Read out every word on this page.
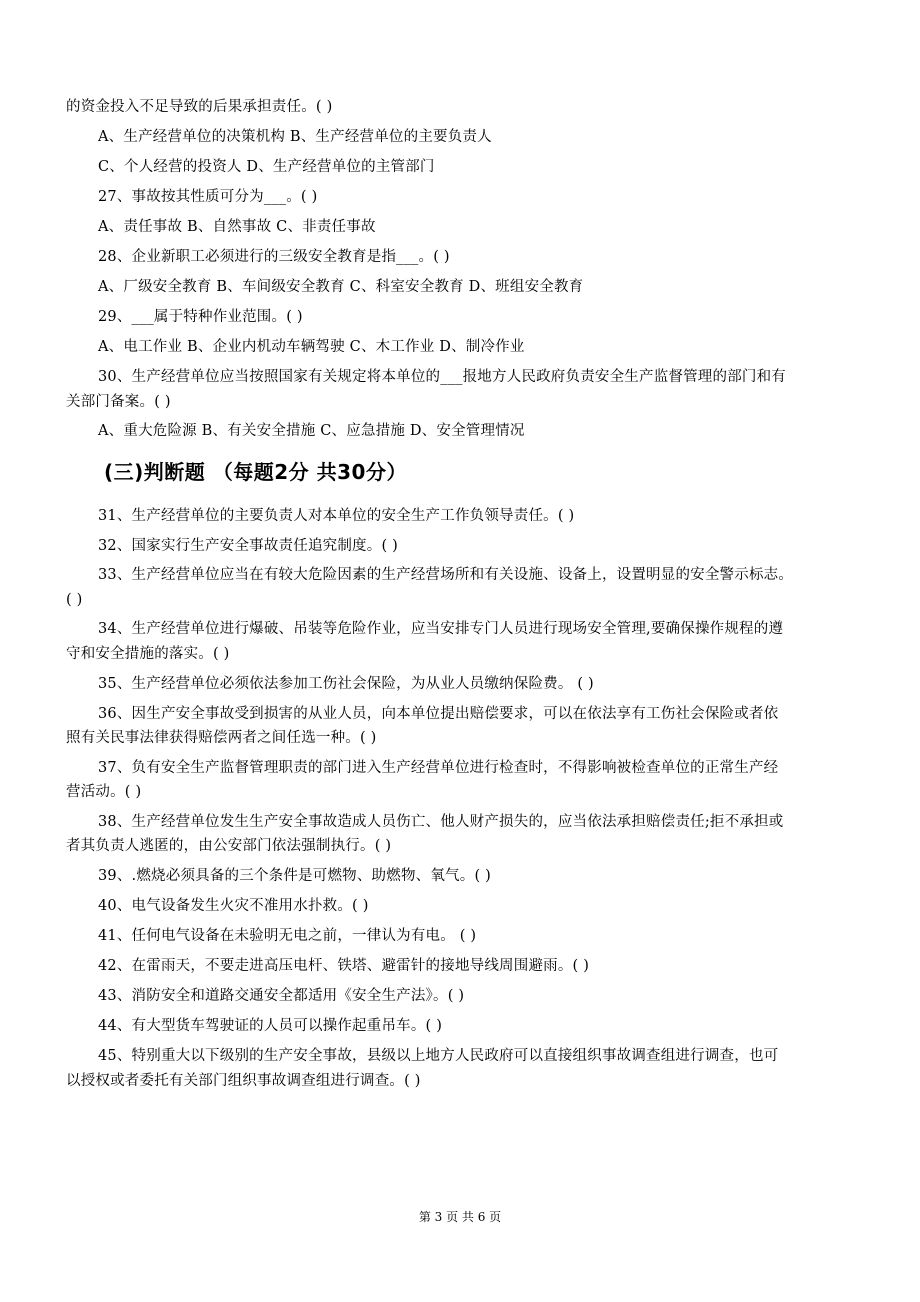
的资金投入不足导致的后果承担责任。( )
A、生产经营单位的决策机构 B、生产经营单位的主要负责人
C、个人经营的投资人 D、生产经营单位的主管部门
27、事故按其性质可分为___。( )
A、责任事故 B、自然事故 C、非责任事故
28、企业新职工必须进行的三级安全教育是指___。( )
A、厂级安全教育 B、车间级安全教育 C、科室安全教育 D、班组安全教育
29、___属于特种作业范围。( )
A、电工作业 B、企业内机动车辆驾驶 C、木工作业 D、制冷作业
30、生产经营单位应当按照国家有关规定将本单位的___报地方人民政府负责安全生产监督管理的部门和有
关部门备案。( )
A、重大危险源 B、有关安全措施 C、应急措施 D、安全管理情况
(三)判断题 （每题2分 共30分）
31、生产经营单位的主要负责人对本单位的安全生产工作负领导责任。( )
32、国家实行生产安全事故责任追究制度。( )
33、生产经营单位应当在有较大危险因素的生产经营场所和有关设施、设备上，设置明显的安全警示标志。
( )
34、生产经营单位进行爆破、吊装等危险作业，应当安排专门人员进行现场安全管理,要确保操作规程的遵
守和安全措施的落实。( )
35、生产经营单位必须依法参加工伤社会保险，为从业人员缴纳保险费。 ( )
36、因生产安全事故受到损害的从业人员，向本单位提出赔偿要求，可以在依法享有工伤社会保险或者依
照有关民事法律获得赔偿两者之间任选一种。( )
37、负有安全生产监督管理职责的部门进入生产经营单位进行检查时，不得影响被检查单位的正常生产经
营活动。( )
38、生产经营单位发生生产安全事故造成人员伤亡、他人财产损失的，应当依法承担赔偿责任;拒不承担或
者其负责人逃匿的，由公安部门依法强制执行。( )
39、.燃烧必须具备的三个条件是可燃物、助燃物、氧气。( )
40、电气设备发生火灾不准用水扑救。( )
41、任何电气设备在未验明无电之前，一律认为有电。 ( )
42、在雷雨天，不要走进高压电杆、铁塔、避雷针的接地导线周围避雨。( )
43、消防安全和道路交通安全都适用《安全生产法》。( )
44、有大型货车驾驶证的人员可以操作起重吊车。( )
45、特别重大以下级别的生产安全事故，县级以上地方人民政府可以直接组织事故调查组进行调查，也可
以授权或者委托有关部门组织事故调查组进行调查。( )
第 3 页 共 6 页
